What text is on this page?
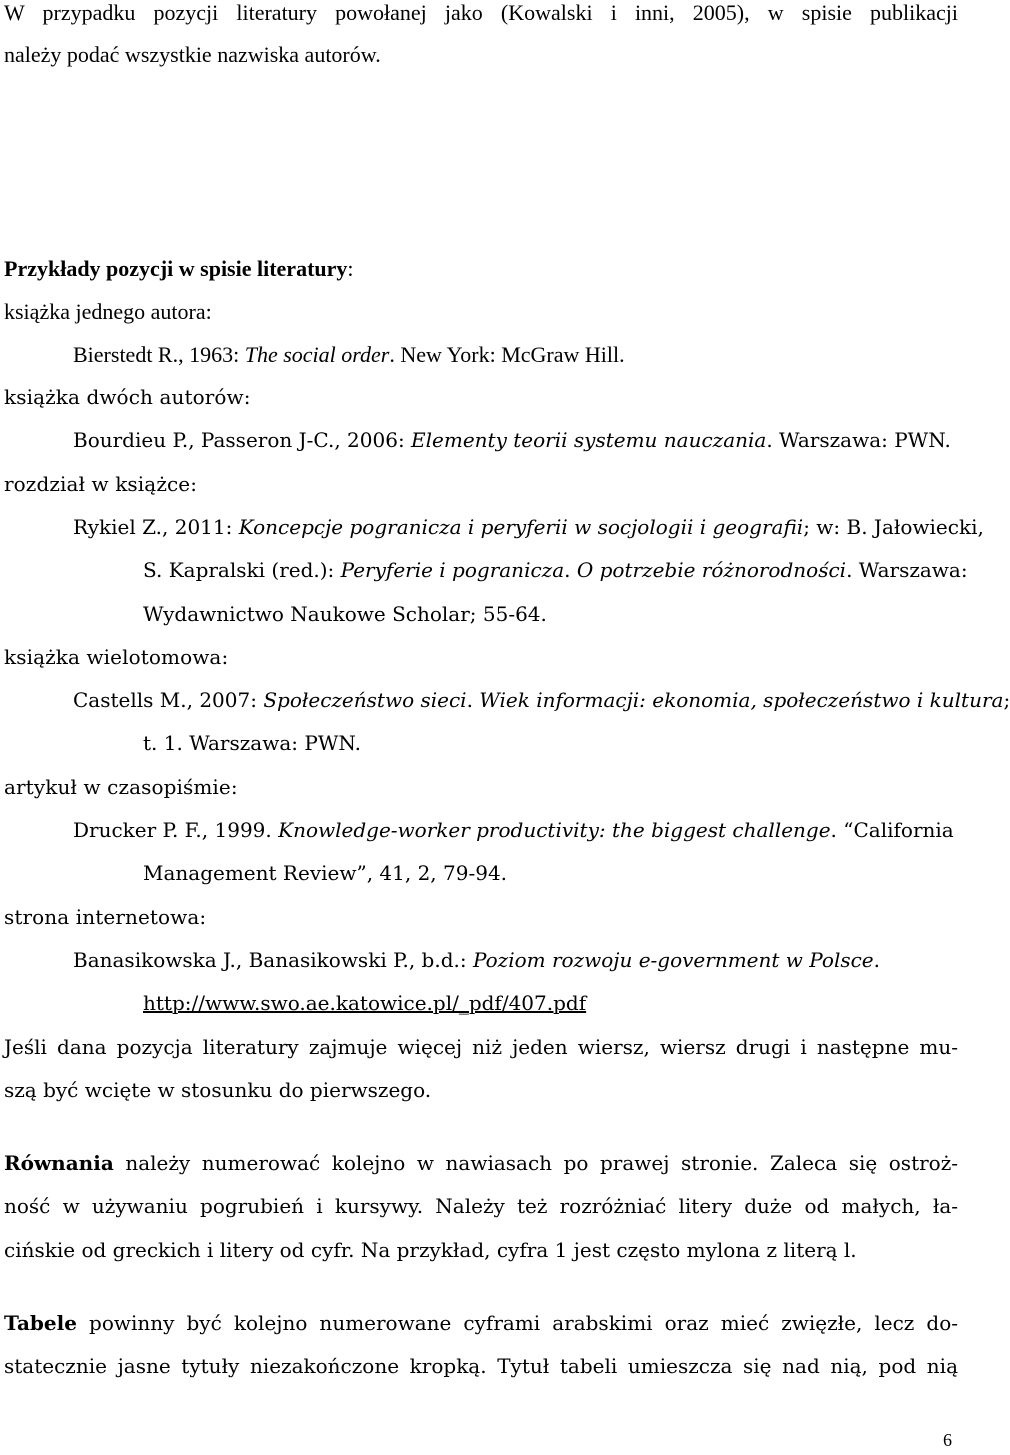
W przypadku pozycji literatury powołanej jako (Kowalski i inni, 2005), w spisie publikacji
należy podać wszystkie nazwiska autorów.
Przykłady pozycji w spisie literatury:
książka jednego autora:
Bierstedt R., 1963: The social order. New York: McGraw Hill.
książka dwóch autorów:
Bourdieu P., Passeron J-C., 2006: Elementy teorii systemu nauczania. Warszawa: PWN.
rozdział w książce:
Rykiel Z., 2011: Koncepcje pogranicza i peryferii w socjologii i geografii; w: B. Jałowiecki,
S. Kapralski (red.): Peryferie i pogranicza. O potrzebie różnorodności. Warszawa:
Wydawnictwo Naukowe Scholar; 55-64.
książka wielotomowa:
Castells M., 2007: Społeczeństwo sieci. Wiek informacji: ekonomia, społeczeństwo i kultura;
t. 1. Warszawa: PWN.
artykuł w czasopiśmie:
Drucker P. F., 1999. Knowledge-worker productivity: the biggest challenge. “California
Management Review”, 41, 2, 79-94.
strona internetowa:
Banasikowska J., Banasikowski P., b.d.: Poziom rozwoju e-government w Polsce.
http://www.swo.ae.katowice.pl/_pdf/407.pdf
Jeśli dana pozycja literatury zajmuje więcej niż jeden wiersz, wiersz drugi i następne mu-
szą być wcięte w stosunku do pierwszego.
Równania należy numerować kolejno w nawiasach po prawej stronie. Zaleca się ostroż-
ność w używaniu pogrubień i kursywy. Należy też rozróżniać litery duże od małych, ła-
cińskie od greckich i litery od cyfr. Na przykład, cyfra 1 jest często mylona z literą l.
Tabele powinny być kolejno numerowane cyframi arabskimi oraz mieć zwięzłe, lecz do-
statecznie jasne tytuły niezakończone kropką. Tytuł tabeli umieszcza się nad nią, pod nią
6
